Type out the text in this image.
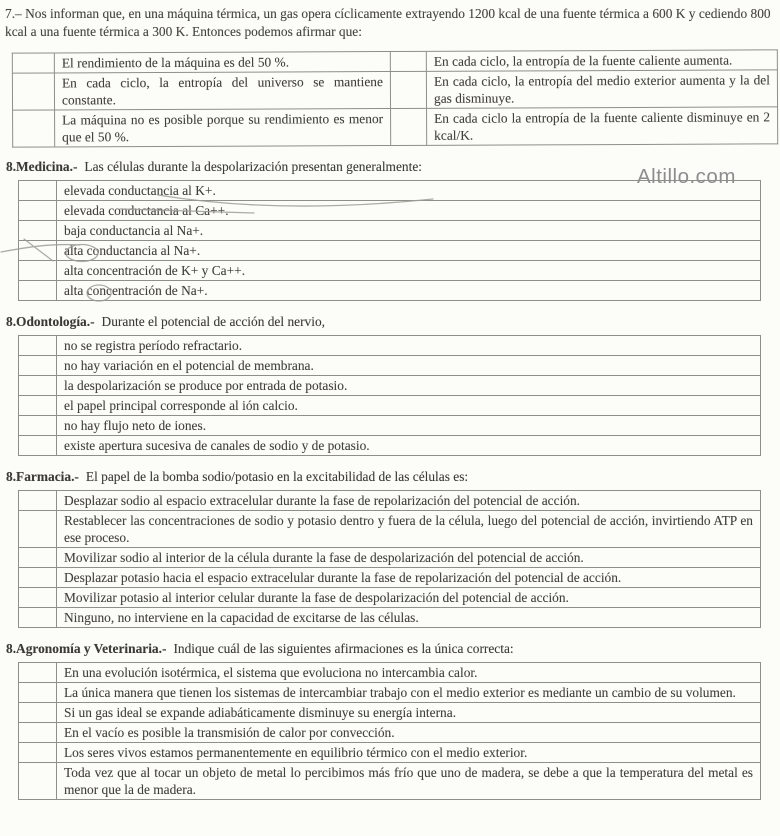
Altillo.com

7.– Nos informan que, en una máquina térmica, un gas opera cíclicamente extrayendo 1200 kcal de una fuente térmica a 600 K y cediendo 800 kcal a una fuente térmica a 300 K. Entonces podemos afirmar que:

	El rendimiento de la máquina es del 50 %.		En cada ciclo, la entropía de la fuente caliente aumenta.
	En cada ciclo, la entropía del universo se mantiene constante.		En cada ciclo, la entropía del medio exterior aumenta y la del gas disminuye.
	La máquina no es posible porque su rendimiento es menor que el 50 %.		En cada ciclo la entropía de la fuente caliente disminuye en 2 kcal/K.
8.Medicina.- Las células durante la despolarización presentan generalmente:
	elevada conductancia al K+.
	elevada conductancia al Ca++.
	baja conductancia al Na+.
	alta conductancia al Na+.
	alta concentración de K+ y Ca++.
	alta concentración de Na+.
8.Odontología.- Durante el potencial de acción del nervio,
	no se registra período refractario.
	no hay variación en el potencial de membrana.
	la despolarización se produce por entrada de potasio.
	el papel principal corresponde al ión calcio.
	no hay flujo neto de iones.
	existe apertura sucesiva de canales de sodio y de potasio.
8.Farmacia.- El papel de la bomba sodio/potasio en la excitabilidad de las células es:
	Desplazar sodio al espacio extracelular durante la fase de repolarización del potencial de acción.
	Restablecer las concentraciones de sodio y potasio dentro y fuera de la célula, luego del potencial de acción, invirtiendo ATP en ese proceso.
	Movilizar sodio al interior de la célula durante la fase de despolarización del potencial de acción.
	Desplazar potasio hacia el espacio extracelular durante la fase de repolarización del potencial de acción.
	Movilizar potasio al interior celular durante la fase de despolarización del potencial de acción.
	Ninguno, no interviene en la capacidad de excitarse de las células.
8.Agronomía y Veterinaria.- Indique cuál de las siguientes afirmaciones es la única correcta:
	En una evolución isotérmica, el sistema que evoluciona no intercambia calor.
	La única manera que tienen los sistemas de intercambiar trabajo con el medio exterior es mediante un cambio de su volumen.
	Si un gas ideal se expande adiabáticamente disminuye su energía interna.
	En el vacío es posible la transmisión de calor por convección.
	Los seres vivos estamos permanentemente en equilibrio térmico con el medio exterior.
	Toda vez que al tocar un objeto de metal lo percibimos más frío que uno de madera, se debe a que la temperatura del metal es menor que la de madera.
